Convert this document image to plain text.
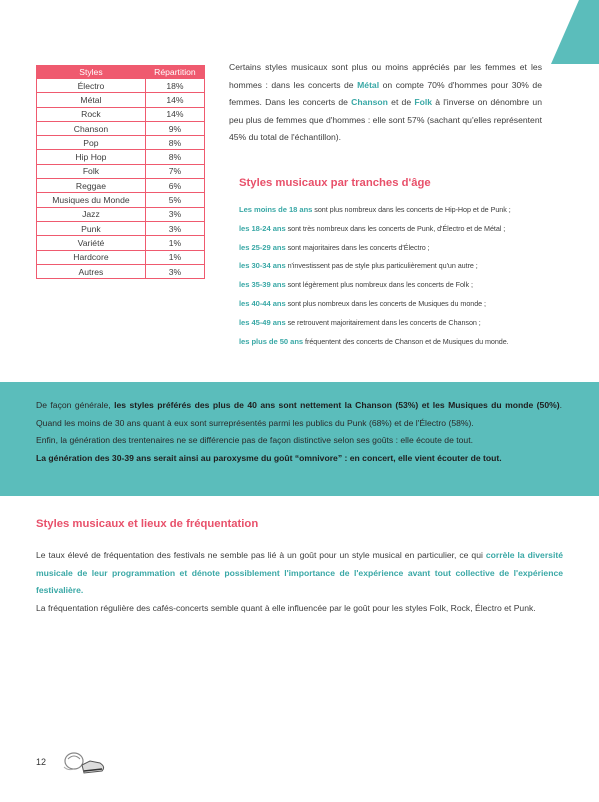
Styles	Répartition
Électro	18%
Métal	14%
Rock	14%
Chanson	9%
Pop	8%
Hip Hop	8%
Folk	7%
Reggae	6%
Musiques du Monde	5%
Jazz	3%
Punk	3%
Variété	1%
Hardcore	1%
Autres	3%

Certains styles musicaux sont plus ou moins appréciés par les femmes et les hommes : dans les concerts de Métal on compte 70% d'hommes pour 30% de femmes. Dans les concerts de Chanson et de Folk à l'inverse on dénombre un peu plus de femmes que d'hommes : elle sont 57% (sachant qu'elles représentent 45% du total de l'échantillon).

Styles musicaux par tranches d'âge
Les moins de 18 ans sont plus nombreux dans les concerts de Hip-Hop et de Punk ;
les 18-24 ans sont très nombreux dans les concerts de Punk, d'Électro et de Métal ;
les 25-29 ans sont majoritaires dans les concerts d'Électro ;
les 30-34 ans n'investissent pas de style plus particulièrement qu'un autre ;
les 35-39 ans sont légèrement plus nombreux dans les concerts de Folk ;
les 40-44 ans sont plus nombreux dans les concerts de Musiques du monde ;
les 45-49 ans se retrouvent majoritairement dans les concerts de Chanson ;
les plus de 50 ans fréquentent des concerts de Chanson et de Musiques du monde.

De façon générale, les styles préférés des plus de 40 ans sont nettement la Chanson (53%) et les Musiques du monde (50%). Quand les moins de 30 ans quant à eux sont surreprésentés parmi les publics du Punk (68%) et de l'Électro (58%).
Enfin, la génération des trentenaires ne se différencie pas de façon distinctive selon ses goûts : elle écoute de tout.
La génération des 30-39 ans serait ainsi au paroxysme du goût “omnivore” : en concert, elle vient écouter de tout.

Styles musicaux et lieux de fréquentation

Le taux élevé de fréquentation des festivals ne semble pas lié à un goût pour un style musical en particulier, ce qui corrèle la diversité musicale de leur programmation et dénote possiblement l'importance de l'expérience avant tout collective de l'expérience festivalière.
La fréquentation régulière des cafés-concerts semble quant à elle influencée par le goût pour les styles Folk, Rock, Électro et Punk.

12
